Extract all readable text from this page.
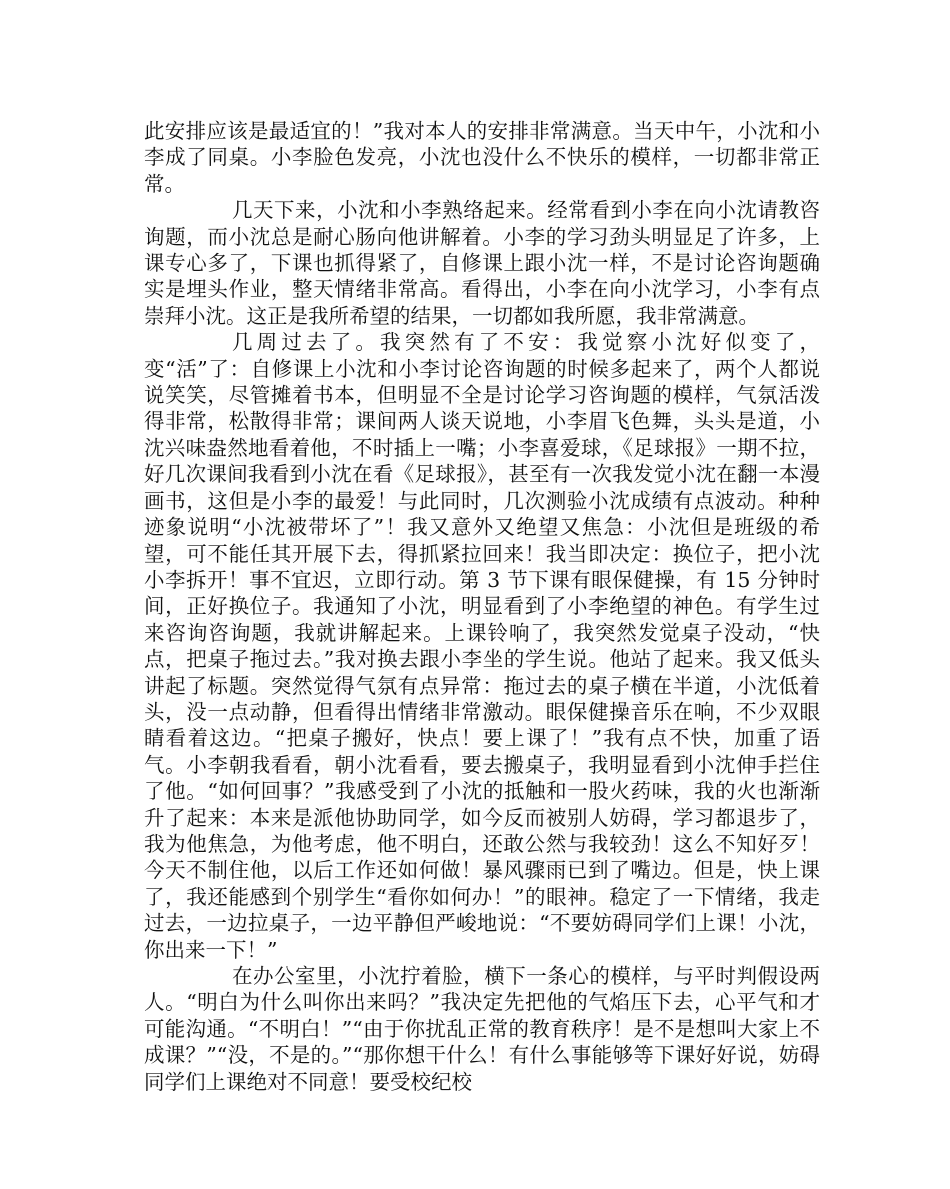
此安排应该是最适宜的！”我对本人的安排非常满意。当天中午，小沈和小李成了同桌。小李脸色发亮，小沈也没什么不快乐的模样，一切都非常正常。

几天下来，小沈和小李熟络起来。经常看到小李在向小沈请教咨询题，而小沈总是耐心肠向他讲解着。小李的学习劲头明显足了许多，上课专心多了，下课也抓得紧了，自修课上跟小沈一样，不是讨论咨询题确实是埋头作业，整天情绪非常高。看得出，小李在向小沈学习，小李有点崇拜小沈。这正是我所希望的结果，一切都如我所愿，我非常满意。

几周过去了。我突然有了不安：我觉察小沈好似变了，变“活”了：自修课上小沈和小李讨论咨询题的时候多起来了，两个人都说说笑笑，尽管摊着书本，但明显不全是讨论学习咨询题的模样，气氛活泼得非常，松散得非常；课间两人谈天说地，小李眉飞色舞，头头是道，小沈兴味盎然地看着他，不时插上一嘴；小李喜爱球，《足球报》一期不拉，好几次课间我看到小沈在看《足球报》，甚至有一次我发觉小沈在翻一本漫画书，这但是小李的最爱！与此同时，几次测验小沈成绩有点波动。种种迹象说明“小沈被带坏了”！我又意外又绝望又焦急：小沈但是班级的希望，可不能任其开展下去，得抓紧拉回来！我当即决定：换位子，把小沈小李拆开！事不宜迟，立即行动。第 3 节下课有眼保健操，有 15 分钟时间，正好换位子。我通知了小沈，明显看到了小李绝望的神色。有学生过来咨询咨询题，我就讲解起来。上课铃响了，我突然发觉桌子没动，“快点，把桌子拖过去。”我对换去跟小李坐的学生说。他站了起来。我又低头讲起了标题。突然觉得气氛有点异常：拖过去的桌子横在半道，小沈低着头，没一点动静，但看得出情绪非常激动。眼保健操音乐在响，不少双眼睛看着这边。“把桌子搬好，快点！要上课了！”我有点不快，加重了语气。小李朝我看看，朝小沈看看，要去搬桌子，我明显看到小沈伸手拦住了他。“如何回事？”我感受到了小沈的抵触和一股火药味，我的火也渐渐升了起来：本来是派他协助同学，如今反而被别人妨碍，学习都退步了，我为他焦急，为他考虑，他不明白，还敢公然与我较劲！这么不知好歹！今天不制住他，以后工作还如何做！暴风骤雨已到了嘴边。但是，快上课了，我还能感到个别学生“看你如何办！”的眼神。稳定了一下情绪，我走过去，一边拉桌子，一边平静但严峻地说：“不要妨碍同学们上课！小沈，你出来一下！”

在办公室里，小沈拧着脸，横下一条心的模样，与平时判假设两人。“明白为什么叫你出来吗？”我决定先把他的气焰压下去，心平气和才可能沟通。“不明白！”“由于你扰乱正常的教育秩序！是不是想叫大家上不成课？”“没，不是的。”“那你想干什么！有什么事能够等下课好好说，妨碍同学们上课绝对不同意！要受校纪校
